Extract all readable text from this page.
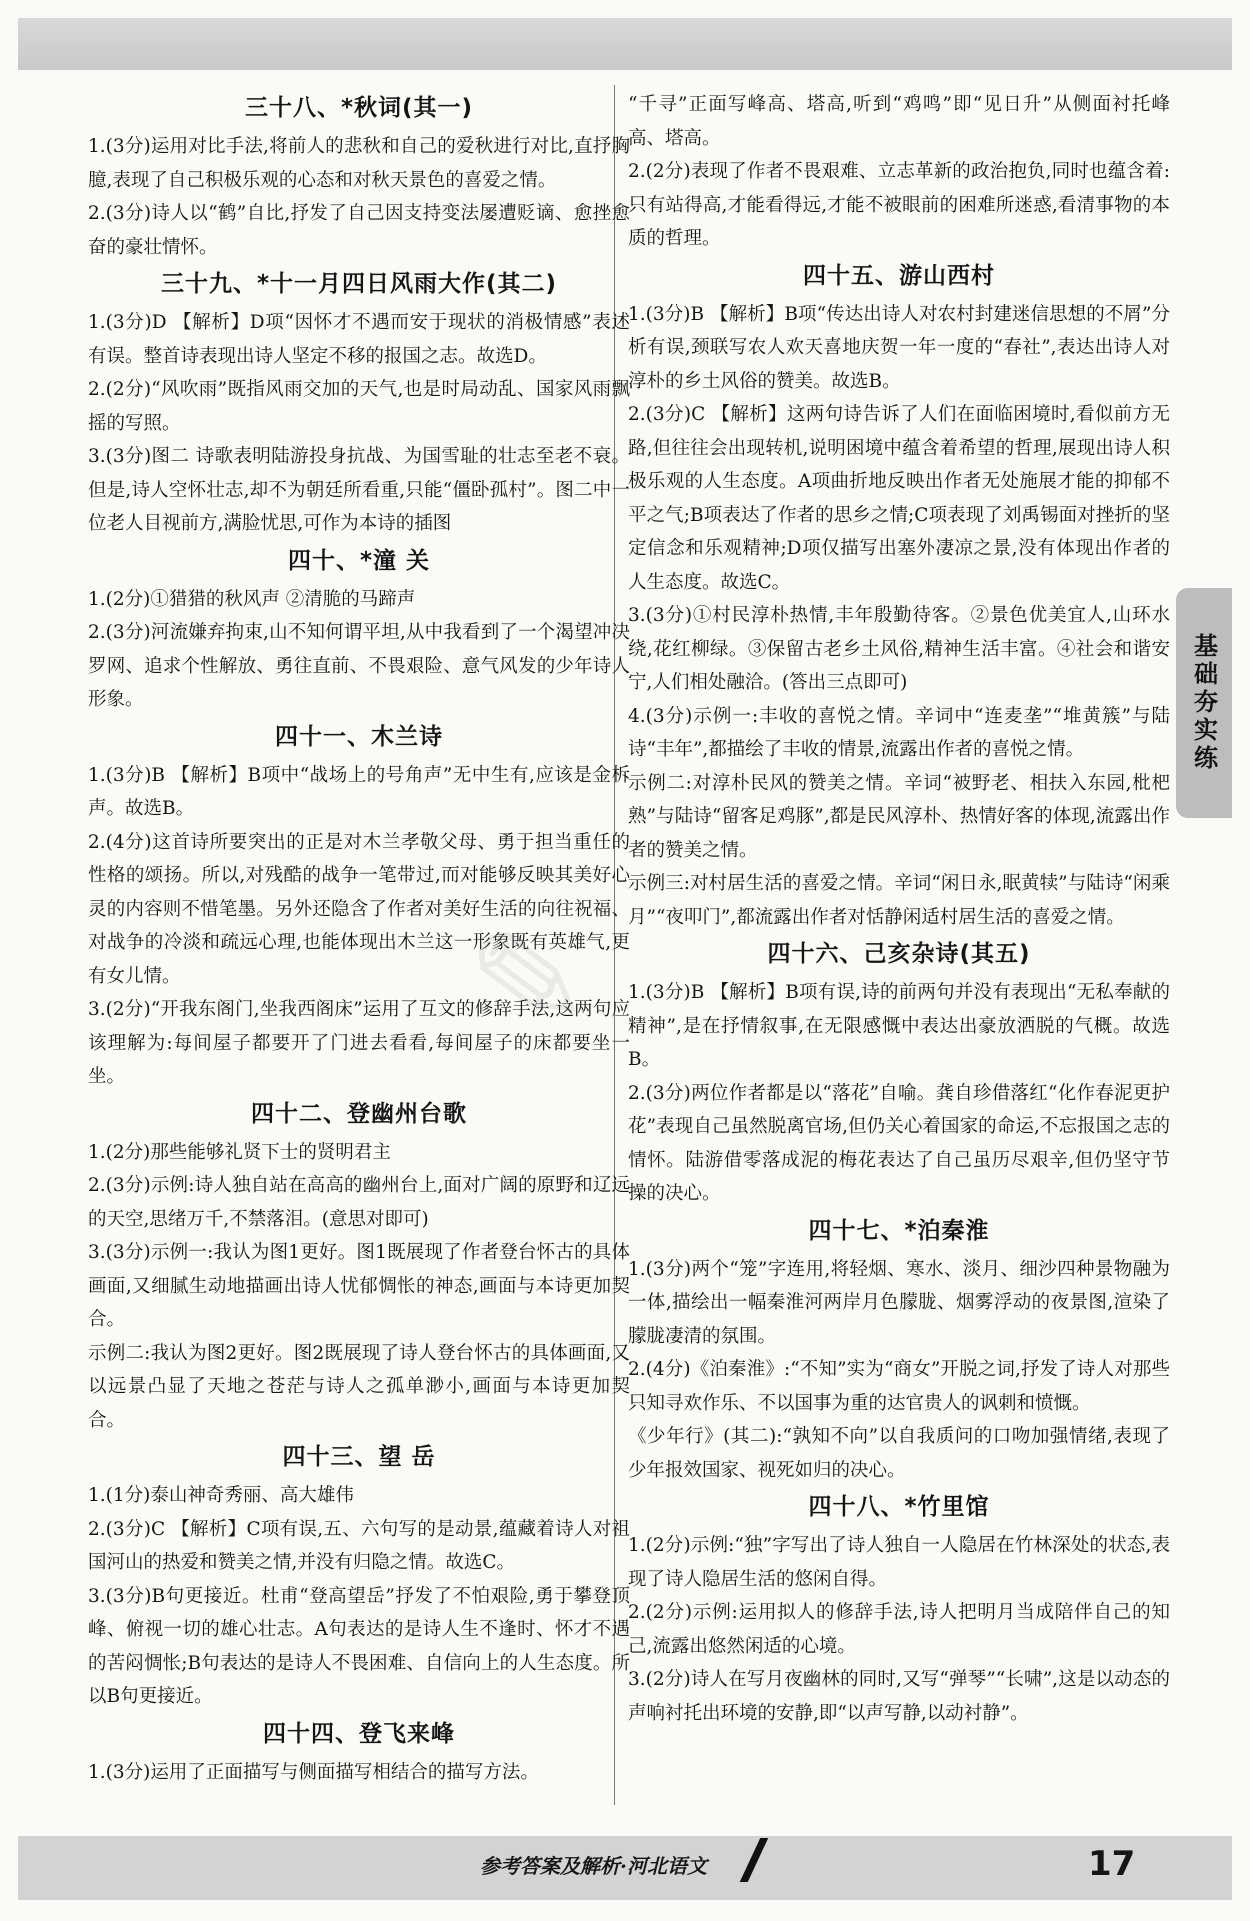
三十八、*秋词(其一)

1.(3分)运用对比手法,将前人的悲秋和自己的爱秋进行对比,直抒胸臆,表现了自己积极乐观的心态和对秋天景色的喜爱之情。

2.(3分)诗人以“鹤”自比,抒发了自己因支持变法屡遭贬谪、愈挫愈奋的豪壮情怀。

三十九、*十一月四日风雨大作(其二)

1.(3分)D 【解析】D项“因怀才不遇而安于现状的消极情感”表述有误。整首诗表现出诗人坚定不移的报国之志。故选D。

2.(2分)“风吹雨”既指风雨交加的天气,也是时局动乱、国家风雨飘摇的写照。

3.(3分)图二 诗歌表明陆游投身抗战、为国雪耻的壮志至老不衰。但是,诗人空怀壮志,却不为朝廷所看重,只能“僵卧孤村”。图二中一位老人目视前方,满脸忧思,可作为本诗的插图

四十、*潼 关

1.(2分)①猎猎的秋风声 ②清脆的马蹄声

2.(3分)河流嫌弃拘束,山不知何谓平坦,从中我看到了一个渴望冲决罗网、追求个性解放、勇往直前、不畏艰险、意气风发的少年诗人形象。

四十一、木兰诗

1.(3分)B 【解析】B项中“战场上的号角声”无中生有,应该是金柝声。故选B。

2.(4分)这首诗所要突出的正是对木兰孝敬父母、勇于担当重任的性格的颂扬。所以,对残酷的战争一笔带过,而对能够反映其美好心灵的内容则不惜笔墨。另外还隐含了作者对美好生活的向往祝福、对战争的冷淡和疏远心理,也能体现出木兰这一形象既有英雄气,更有女儿情。

3.(2分)“开我东阁门,坐我西阁床”运用了互文的修辞手法,这两句应该理解为:每间屋子都要开了门进去看看,每间屋子的床都要坐一坐。

四十二、登幽州台歌

1.(2分)那些能够礼贤下士的贤明君主

2.(3分)示例:诗人独自站在高高的幽州台上,面对广阔的原野和辽远的天空,思绪万千,不禁落泪。(意思对即可)

3.(3分)示例一:我认为图1更好。图1既展现了作者登台怀古的具体画面,又细腻生动地描画出诗人忧郁惆怅的神态,画面与本诗更加契合。

示例二:我认为图2更好。图2既展现了诗人登台怀古的具体画面,又以远景凸显了天地之苍茫与诗人之孤单渺小,画面与本诗更加契合。

四十三、望 岳

1.(1分)泰山神奇秀丽、高大雄伟

2.(3分)C 【解析】C项有误,五、六句写的是动景,蕴藏着诗人对祖国河山的热爱和赞美之情,并没有归隐之情。故选C。

3.(3分)B句更接近。杜甫“登高望岳”抒发了不怕艰险,勇于攀登顶峰、俯视一切的雄心壮志。A句表达的是诗人生不逢时、怀才不遇的苦闷惆怅;B句表达的是诗人不畏困难、自信向上的人生态度。所以B句更接近。

四十四、登飞来峰

1.(3分)运用了正面描写与侧面描写相结合的描写方法。

“千寻”正面写峰高、塔高,听到“鸡鸣”即“见日升”从侧面衬托峰高、塔高。

2.(2分)表现了作者不畏艰难、立志革新的政治抱负,同时也蕴含着:只有站得高,才能看得远,才能不被眼前的困难所迷惑,看清事物的本质的哲理。

四十五、游山西村

1.(3分)B 【解析】B项“传达出诗人对农村封建迷信思想的不屑”分析有误,颈联写农人欢天喜地庆贺一年一度的“春社”,表达出诗人对淳朴的乡土风俗的赞美。故选B。

2.(3分)C 【解析】这两句诗告诉了人们在面临困境时,看似前方无路,但往往会出现转机,说明困境中蕴含着希望的哲理,展现出诗人积极乐观的人生态度。A项曲折地反映出作者无处施展才能的抑郁不平之气;B项表达了作者的思乡之情;C项表现了刘禹锡面对挫折的坚定信念和乐观精神;D项仅描写出塞外凄凉之景,没有体现出作者的人生态度。故选C。

3.(3分)①村民淳朴热情,丰年殷勤待客。②景色优美宜人,山环水绕,花红柳绿。③保留古老乡土风俗,精神生活丰富。④社会和谐安宁,人们相处融洽。(答出三点即可)

4.(3分)示例一:丰收的喜悦之情。辛词中“连麦垄”“堆黄簇”与陆诗“丰年”,都描绘了丰收的情景,流露出作者的喜悦之情。

示例二:对淳朴民风的赞美之情。辛词“被野老、相扶入东园,枇杷熟”与陆诗“留客足鸡豚”,都是民风淳朴、热情好客的体现,流露出作者的赞美之情。

示例三:对村居生活的喜爱之情。辛词“闲日永,眠黄犊”与陆诗“闲乘月”“夜叩门”,都流露出作者对恬静闲适村居生活的喜爱之情。

四十六、己亥杂诗(其五)

1.(3分)B 【解析】B项有误,诗的前两句并没有表现出“无私奉献的精神”,是在抒情叙事,在无限感慨中表达出豪放洒脱的气概。故选B。

2.(3分)两位作者都是以“落花”自喻。龚自珍借落红“化作春泥更护花”表现自己虽然脱离官场,但仍关心着国家的命运,不忘报国之志的情怀。陆游借零落成泥的梅花表达了自己虽历尽艰辛,但仍坚守节操的决心。

四十七、*泊秦淮

1.(3分)两个“笼”字连用,将轻烟、寒水、淡月、细沙四种景物融为一体,描绘出一幅秦淮河两岸月色朦胧、烟雾浮动的夜景图,渲染了朦胧凄清的氛围。

2.(4分)《泊秦淮》:“不知”实为“商女”开脱之词,抒发了诗人对那些只知寻欢作乐、不以国事为重的达官贵人的讽刺和愤慨。

《少年行》(其二):“孰知不向”以自我质问的口吻加强情绪,表现了少年报效国家、视死如归的决心。

四十八、*竹里馆

1.(2分)示例:“独”字写出了诗人独自一人隐居在竹林深处的状态,表现了诗人隐居生活的悠闲自得。

2.(2分)示例:运用拟人的修辞手法,诗人把明月当成陪伴自己的知己,流露出悠然闲适的心境。

3.(2分)诗人在写月夜幽林的同时,又写“弹琴”“长啸”,这是以动态的声响衬托出环境的安静,即“以声写静,以动衬静”。

基础夯实练
✎
参考答案及解析·河北语文	17
